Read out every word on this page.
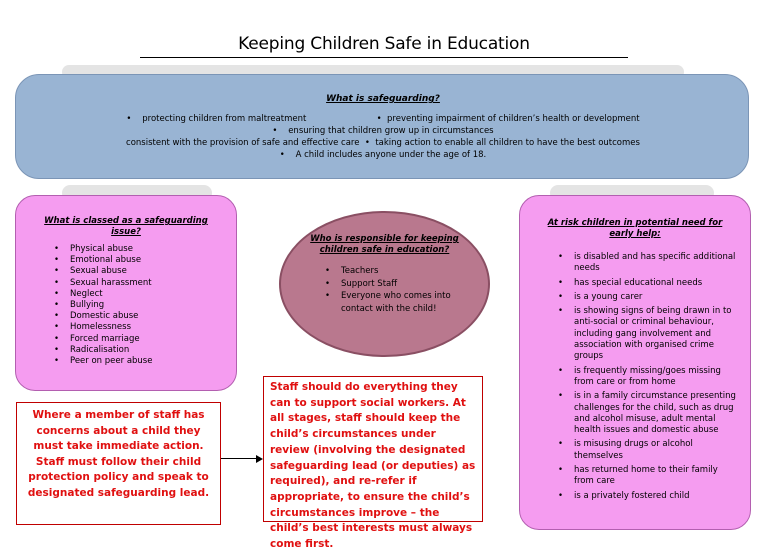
Keeping Children Safe in Education
What is safeguarding?
•    protecting children from maltreatment                          •  preventing impairment of children’s health or development
•    ensuring that children grow up in circumstances
consistent with the provision of safe and effective care  •  taking action to enable all children to have the best outcomes
•    A child includes anyone under the age of 18.
What is classed as a safeguarding
issue?
• Physical abuse
• Emotional abuse
• Sexual abuse
• Sexual harassment
• Neglect
• Bullying
• Domestic abuse
• Homelessness
• Forced marriage
• Radicalisation
• Peer on peer abuse
Who is responsible for keeping
children safe in education?
• Teachers
• Support Staff
• Everyone who comes into contact with the child!
At risk children in potential need for
early help:
• is disabled and has specific additional needs
• has special educational needs
• is a young carer
• is showing signs of being drawn in to anti-social or criminal behaviour, including gang involvement and association with organised crime groups
• is frequently missing/goes missing from care or from home
• is in a family circumstance presenting challenges for the child, such as drug and alcohol misuse, adult mental health issues and domestic abuse
• is misusing drugs or alcohol themselves
• has returned home to their family from care
• is a privately fostered child
Where a member of staff has concerns about a child they must take immediate action. Staff must follow their child protection policy and speak to designated safeguarding lead.
Staff should do everything they can to support social workers. At all stages, staff should keep the child’s circumstances under review (involving the designated safeguarding lead (or deputies) as required), and re-refer if appropriate, to ensure the child’s circumstances improve – the child’s best interests must always come first.
